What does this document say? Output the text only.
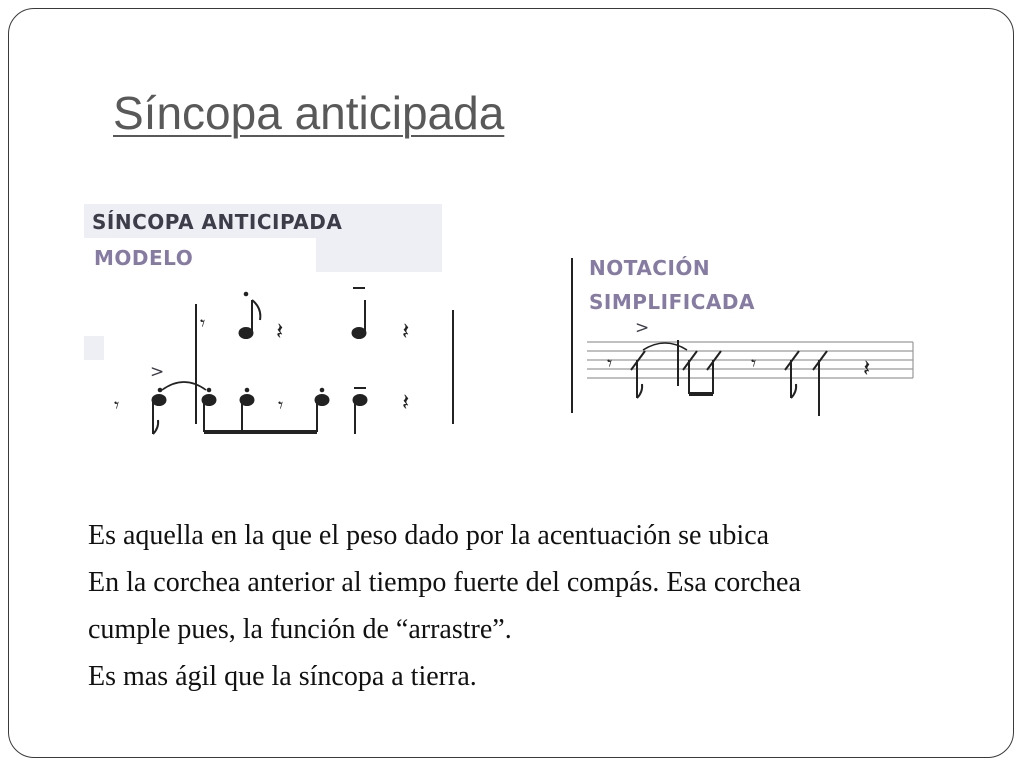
Síncopa anticipada
SÍNCOPA ANTICIPADA
MODELO
>
𝄾	𝄽	𝄽
𝄾	𝄾	𝄽
NOTACIÓN
SIMPLIFICADA
>
𝄾	𝄾	𝄽

Es aquella en la que el peso dado por la acentuación se ubica

En la corchea anterior al tiempo fuerte del compás. Esa corchea

cumple pues, la función de “arrastre”.

Es mas ágil que la síncopa a tierra.
